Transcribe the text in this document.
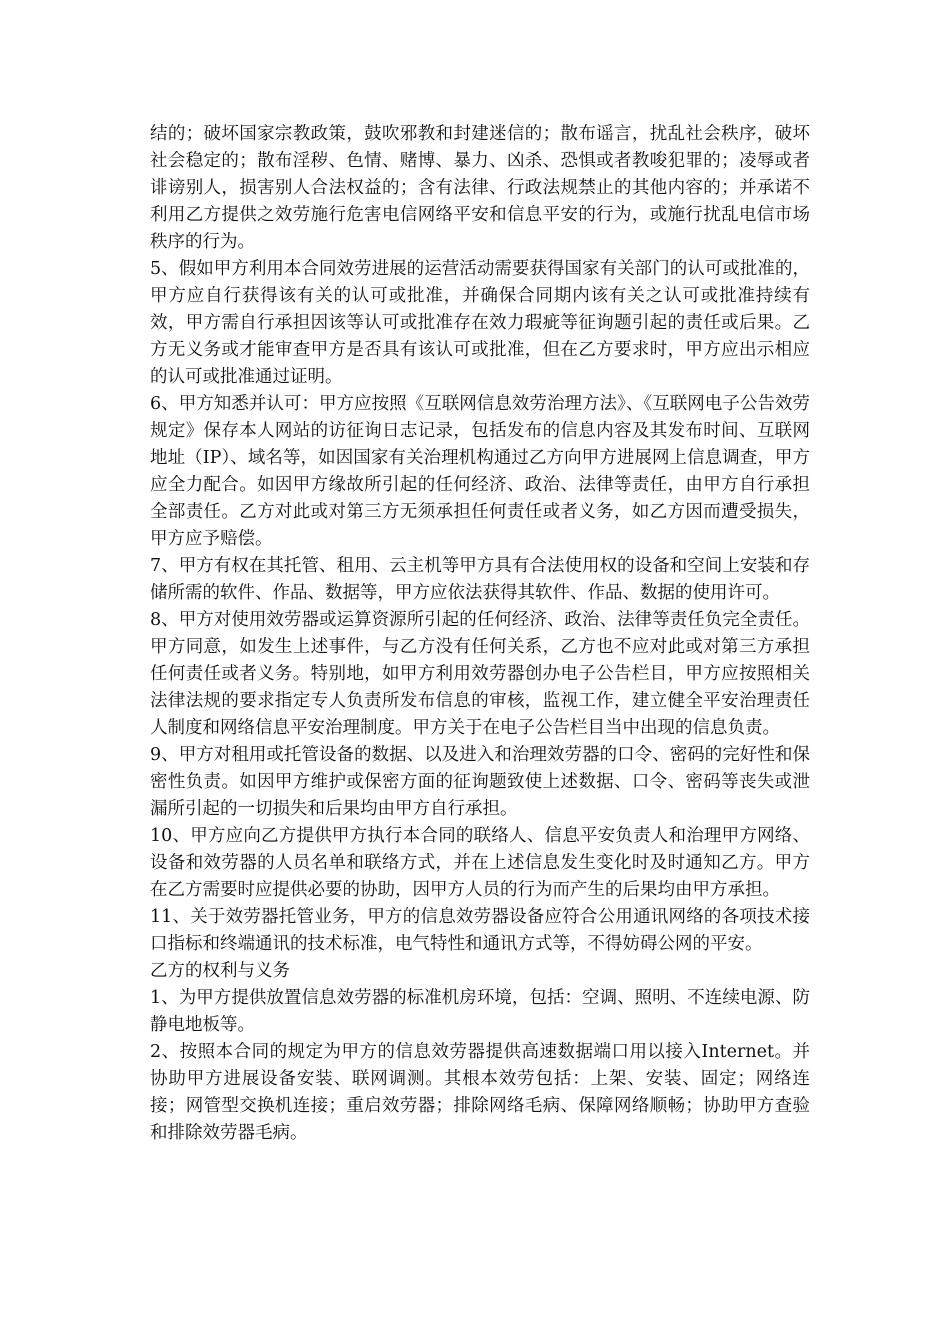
结的；破坏国家宗教政策，鼓吹邪教和封建迷信的；散布谣言，扰乱社会秩序，破坏社会稳定的；散布淫秽、色情、赌博、暴力、凶杀、恐惧或者教唆犯罪的；凌辱或者诽谤别人，损害别人合法权益的；含有法律、行政法规禁止的其他内容的；并承诺不利用乙方提供之效劳施行危害电信网络平安和信息平安的行为，或施行扰乱电信市场秩序的行为。

5、假如甲方利用本合同效劳进展的运营活动需要获得国家有关部门的认可或批准的，甲方应自行获得该有关的认可或批准，并确保合同期内该有关之认可或批准持续有效，甲方需自行承担因该等认可或批准存在效力瑕疵等征询题引起的责任或后果。乙方无义务或才能审查甲方是否具有该认可或批准，但在乙方要求时，甲方应出示相应的认可或批准通过证明。

6、甲方知悉并认可：甲方应按照《互联网信息效劳治理方法》、《互联网电子公告效劳规定》保存本人网站的访征询日志记录，包括发布的信息内容及其发布时间、互联网地址（IP）、域名等，如因国家有关治理机构通过乙方向甲方进展网上信息调查，甲方应全力配合。如因甲方缘故所引起的任何经济、政治、法律等责任，由甲方自行承担全部责任。乙方对此或对第三方无须承担任何责任或者义务，如乙方因而遭受损失，甲方应予赔偿。

7、甲方有权在其托管、租用、云主机等甲方具有合法使用权的设备和空间上安装和存储所需的软件、作品、数据等，甲方应依法获得其软件、作品、数据的使用许可。

8、甲方对使用效劳器或运算资源所引起的任何经济、政治、法律等责任负完全责任。甲方同意，如发生上述事件，与乙方没有任何关系，乙方也不应对此或对第三方承担任何责任或者义务。特别地，如甲方利用效劳器创办电子公告栏目，甲方应按照相关法律法规的要求指定专人负责所发布信息的审核，监视工作，建立健全平安治理责任人制度和网络信息平安治理制度。甲方关于在电子公告栏目当中出现的信息负责。

9、甲方对租用或托管设备的数据、以及进入和治理效劳器的口令、密码的完好性和保密性负责。如因甲方维护或保密方面的征询题致使上述数据、口令、密码等丧失或泄漏所引起的一切损失和后果均由甲方自行承担。

10、甲方应向乙方提供甲方执行本合同的联络人、信息平安负责人和治理甲方网络、设备和效劳器的人员名单和联络方式，并在上述信息发生变化时及时通知乙方。甲方在乙方需要时应提供必要的协助，因甲方人员的行为而产生的后果均由甲方承担。

11、关于效劳器托管业务，甲方的信息效劳器设备应符合公用通讯网络的各项技术接口指标和终端通讯的技术标准，电气特性和通讯方式等，不得妨碍公网的平安。

乙方的权利与义务

1、为甲方提供放置信息效劳器的标准机房环境，包括：空调、照明、不连续电源、防静电地板等。

2、按照本合同的规定为甲方的信息效劳器提供高速数据端口用以接入Internet。并协助甲方进展设备安装、联网调测。其根本效劳包括：上架、安装、固定；网络连接；网管型交换机连接；重启效劳器；排除网络毛病、保障网络顺畅；协助甲方查验和排除效劳器毛病。
